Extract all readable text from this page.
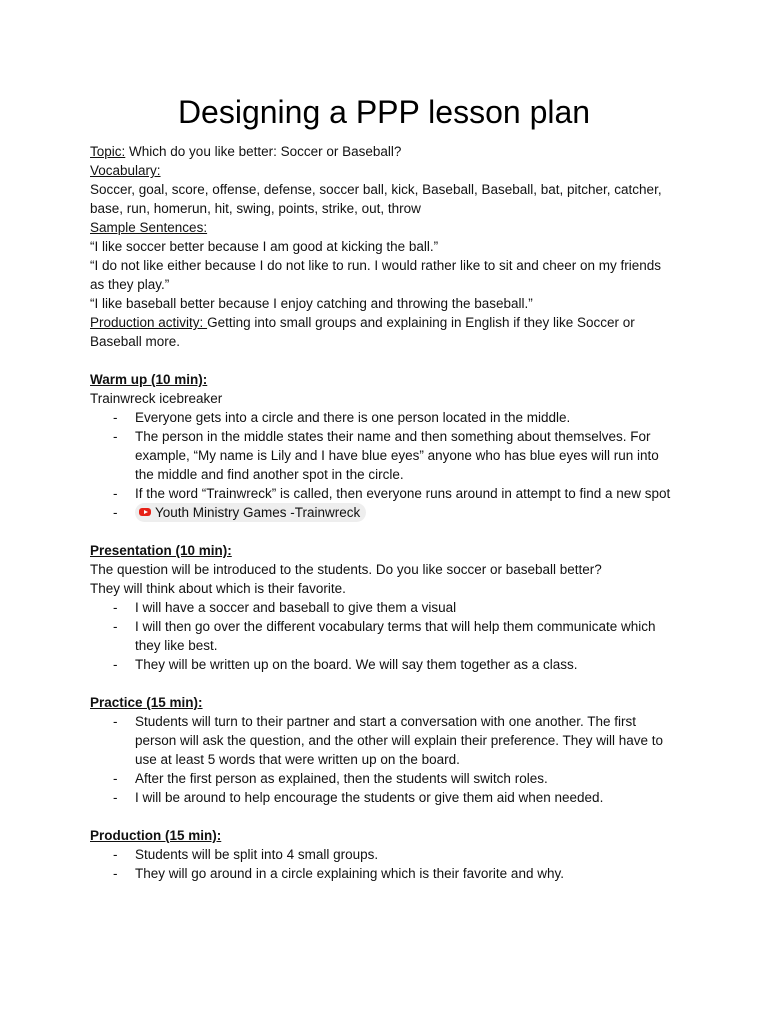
Designing a PPP lesson plan
Topic: Which do you like better: Soccer or Baseball?
Vocabulary:
Soccer, goal, score, offense, defense, soccer ball, kick, Baseball, Baseball, bat, pitcher, catcher, base, run, homerun, hit, swing, points, strike, out, throw
Sample Sentences:
“I like soccer better because I am good at kicking the ball.”
“I do not like either because I do not like to run. I would rather like to sit and cheer on my friends as they play.”
“I like baseball better because I enjoy catching and throwing the baseball.”
Production activity: Getting into small groups and explaining in English if they like Soccer or Baseball more.
Warm up (10 min):
Trainwreck icebreaker
- Everyone gets into a circle and there is one person located in the middle.
- The person in the middle states their name and then something about themselves. For example, “My name is Lily and I have blue eyes” anyone who has blue eyes will run into the middle and find another spot in the circle.
- If the word “Trainwreck” is called, then everyone runs around in attempt to find a new spot
- Youth Ministry Games -Trainwreck
Presentation (10 min):
The question will be introduced to the students. Do you like soccer or baseball better?
They will think about which is their favorite.
- I will have a soccer and baseball to give them a visual
- I will then go over the different vocabulary terms that will help them communicate which they like best.
- They will be written up on the board. We will say them together as a class.
Practice (15 min):
- Students will turn to their partner and start a conversation with one another. The first person will ask the question, and the other will explain their preference. They will have to use at least 5 words that were written up on the board.
- After the first person as explained, then the students will switch roles.
- I will be around to help encourage the students or give them aid when needed.
Production (15 min):
- Students will be split into 4 small groups.
- They will go around in a circle explaining which is their favorite and why.
